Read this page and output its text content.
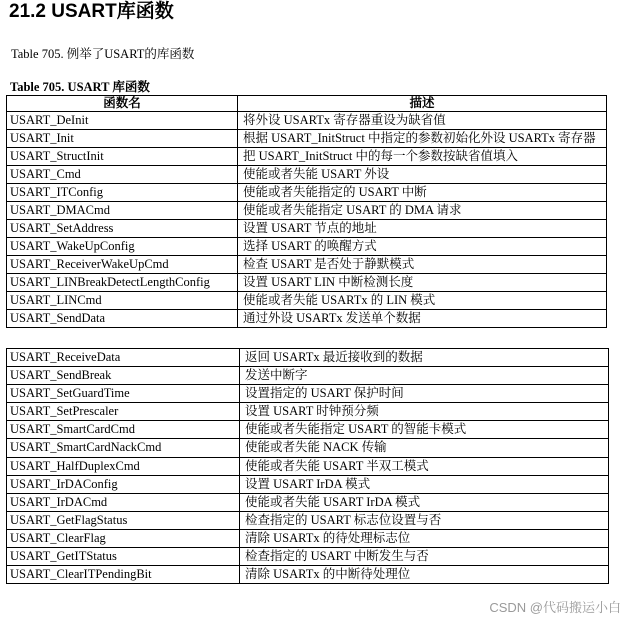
21.2 USART库函数
Table 705. 例举了USART的库函数
Table 705. USART 库函数
函数名	描述
USART_DeInit	将外设 USARTx 寄存器重设为缺省值
USART_Init	根据 USART_InitStruct 中指定的参数初始化外设 USARTx 寄存器
USART_StructInit	把 USART_InitStruct 中的每一个参数按缺省值填入
USART_Cmd	使能或者失能 USART 外设
USART_ITConfig	使能或者失能指定的 USART 中断
USART_DMACmd	使能或者失能指定 USART 的 DMA 请求
USART_SetAddress	设置 USART 节点的地址
USART_WakeUpConfig	选择 USART 的唤醒方式
USART_ReceiverWakeUpCmd	检查 USART 是否处于静默模式
USART_LINBreakDetectLengthConfig	设置 USART LIN 中断检测长度
USART_LINCmd	使能或者失能 USARTx 的 LIN 模式
USART_SendData	通过外设 USARTx 发送单个数据
USART_ReceiveData	返回 USARTx 最近接收到的数据
USART_SendBreak	发送中断字
USART_SetGuardTime	设置指定的 USART 保护时间
USART_SetPrescaler	设置 USART 时钟预分频
USART_SmartCardCmd	使能或者失能指定 USART 的智能卡模式
USART_SmartCardNackCmd	使能或者失能 NACK 传输
USART_HalfDuplexCmd	使能或者失能 USART 半双工模式
USART_IrDAConfig	设置 USART IrDA 模式
USART_IrDACmd	使能或者失能 USART IrDA 模式
USART_GetFlagStatus	检查指定的 USART 标志位设置与否
USART_ClearFlag	清除 USARTx 的待处理标志位
USART_GetITStatus	检查指定的 USART 中断发生与否
USART_ClearITPendingBit	清除 USARTx 的中断待处理位
CSDN @代码搬运小白
